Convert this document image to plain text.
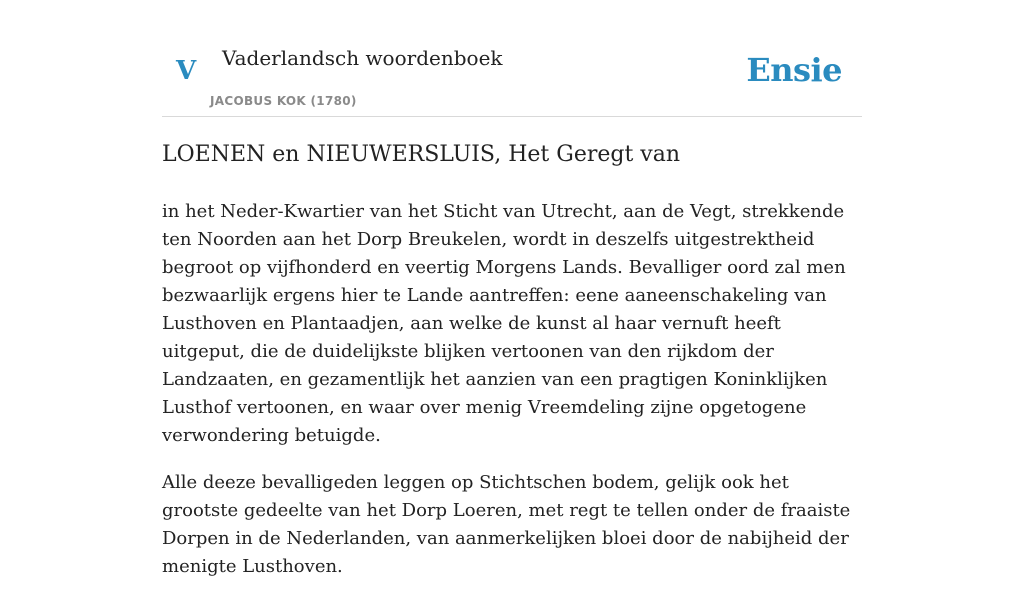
V Vaderlandsch woordenboek
JACOBUS KOK (1780)
Ensie
LOENEN en NIEUWERSLUIS, Het Geregt van

in het Neder-Kwartier van het Sticht van Utrecht, aan de Vegt, strekkende ten Noorden aan het Dorp Breukelen, wordt in deszelfs uitgestrektheid begroot op vijfhonderd en veertig Morgens Lands. Bevalliger oord zal men bezwaarlijk ergens hier te Lande aantreffen: eene aaneenschakeling van Lusthoven en Plantaadjen, aan welke de kunst al haar vernuft heeft uitgeput, die de duidelijkste blijken vertoonen van den rijkdom der Landzaaten, en gezamentlijk het aanzien van een pragtigen Koninklijken Lusthof vertoonen, en waar over menig Vreemdeling zijne opgetogene verwondering betuigde.

Alle deeze bevalligeden leggen op Stichtschen bodem, gelijk ook het grootste gedeelte van het Dorp Loeren, met regt te tellen onder de fraaiste Dorpen in de Nederlanden, van aanmerkelijken bloei door de nabijheid der menigte Lusthoven.
